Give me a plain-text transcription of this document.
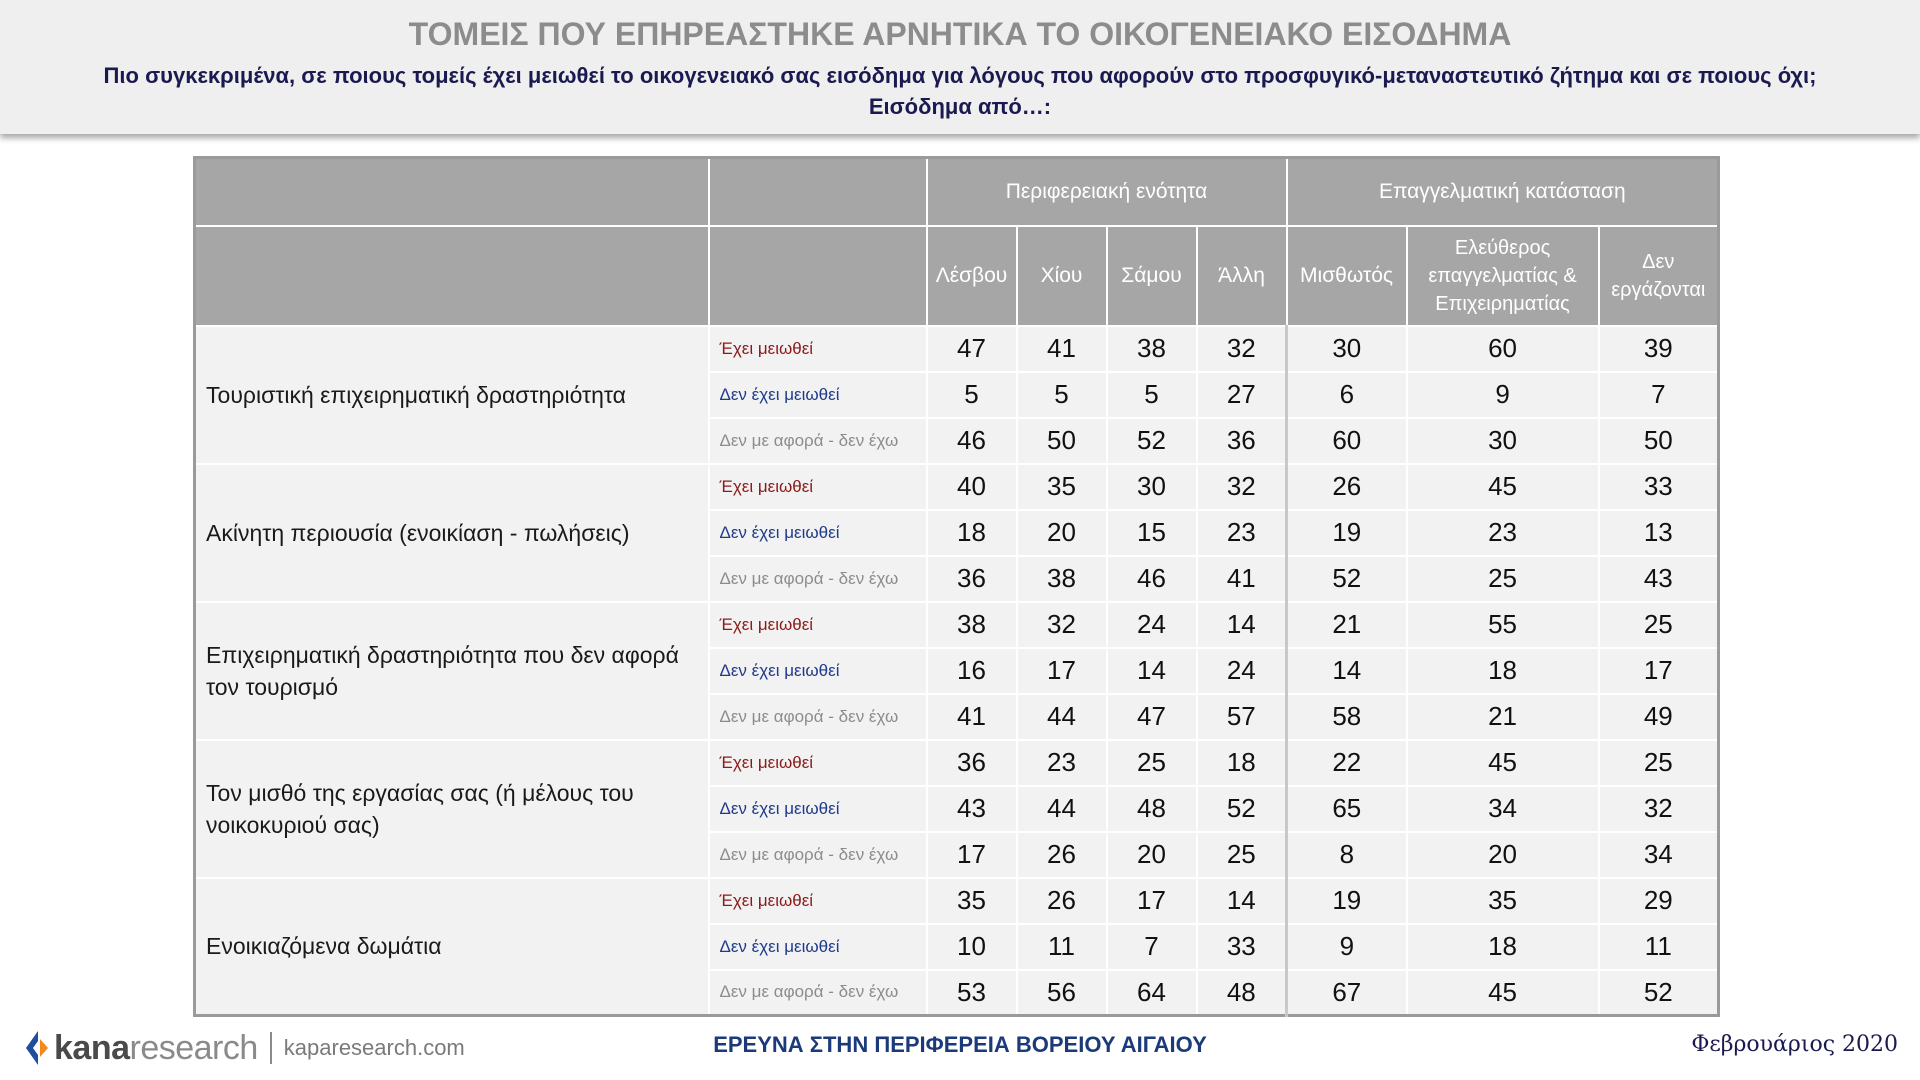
ΤΟΜΕΙΣ ΠΟΥ ΕΠΗΡΕΑΣΤΗΚΕ ΑΡΝΗΤΙΚΑ ΤΟ ΟΙΚΟΓΕΝΕΙΑΚΟ ΕΙΣΟΔΗΜΑ
Πιο συγκεκριμένα, σε ποιους τομείς έχει μειωθεί το οικογενειακό σας εισόδημα για λόγους που αφορούν στο προσφυγικό-μεταναστευτικό ζήτημα και σε ποιους όχι;
Εισόδημα από…:
		Περιφερειακή ενότητα				Επαγγελματική κατάσταση		
		Λέσβου	Χίου	Σάμου	Άλλη	Μισθωτός	Ελεύθερος επαγγελματίας & Επιχειρηματίας	Δεν εργάζονται
Τουριστική επιχειρηματική δραστηριότητα	Έχει μειωθεί	47	41	38	32	30	60	39
	Δεν έχει μειωθεί	5	5	5	27	6	9	7
	Δεν με αφορά - δεν έχω	46	50	52	36	60	30	50
Ακίνητη περιουσία (ενοικίαση - πωλήσεις)	Έχει μειωθεί	40	35	30	32	26	45	33
	Δεν έχει μειωθεί	18	20	15	23	19	23	13
	Δεν με αφορά - δεν έχω	36	38	46	41	52	25	43
Επιχειρηματική δραστηριότητα που δεν αφορά τον τουρισμό	Έχει μειωθεί	38	32	24	14	21	55	25
	Δεν έχει μειωθεί	16	17	14	24	14	18	17
	Δεν με αφορά - δεν έχω	41	44	47	57	58	21	49
Τον μισθό της εργασίας σας (ή μέλους του νοικοκυριού σας)	Έχει μειωθεί	36	23	25	18	22	45	25
	Δεν έχει μειωθεί	43	44	48	52	65	34	32
	Δεν με αφορά - δεν έχω	17	26	20	25	8	20	34
Ενοικιαζόμενα δωμάτια	Έχει μειωθεί	35	26	17	14	19	35	29
	Δεν έχει μειωθεί	10	11	7	33	9	18	11
	Δεν με αφορά - δεν έχω	53	56	64	48	67	45	52
kanaresearch kaparesearch.com	ΕΡΕΥΝΑ ΣΤΗΝ ΠΕΡΙΦΕΡΕΙΑ ΒΟΡΕΙΟΥ ΑΙΓΑΙΟΥ	Φεβρουάριος 2020
